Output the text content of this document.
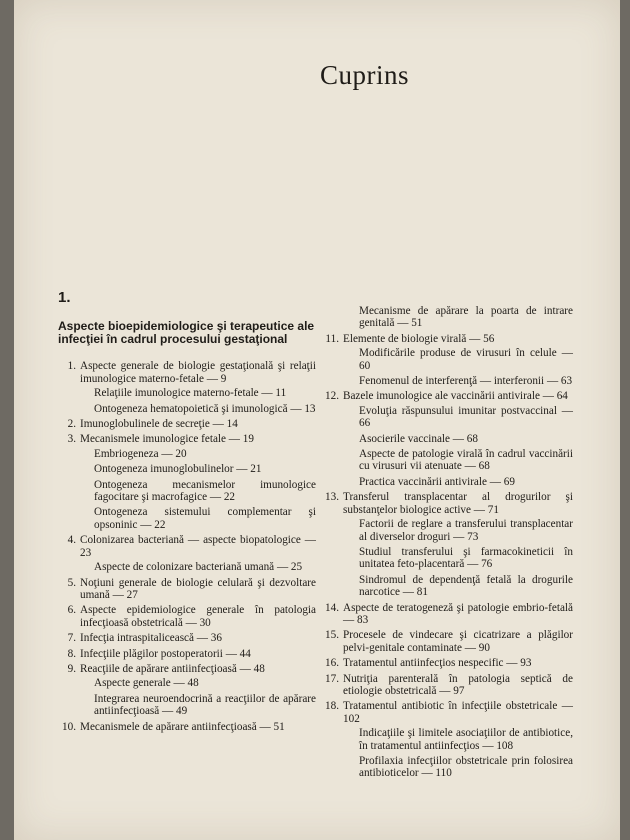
Cuprins
1.
Aspecte bioepidemiologice şi terapeutice ale infecţiei în cadrul procesului gestaţional
1. Aspecte generale de biologie gestaţională şi relaţii imunologice materno-fetale — 9
Relaţiile imunologice materno-fetale — 11
Ontogeneza hematopoietică şi imunologică — 13
2. Imunoglobulinele de secreţie — 14
3. Mecanismele imunologice fetale — 19
Embriogeneza — 20
Ontogeneza imunoglobulinelor — 21
Ontogeneza mecanismelor imunologice fagocitare şi macrofagice — 22
Ontogeneza sistemului complementar şi opsoninic — 22
4. Colonizarea bacteriană — aspecte biopatologice — 23
Aspecte de colonizare bacteriană umană — 25
5. Noţiuni generale de biologie celulară şi dezvoltare umană — 27
6. Aspecte epidemiologice generale în patologia infecţioasă obstetricală — 30
7. Infecţia intraspitalicească — 36
8. Infecţiile plăgilor postoperatorii — 44
9. Reacţiile de apărare antiinfecţioasă — 48
Aspecte generale — 48
Integrarea neuroendocrină a reacţiilor de apărare antiinfecţioasă — 49
10. Mecanismele de apărare antiinfecţioasă — 51
Mecanisme de apărare la poarta de intrare genitală — 51
11. Elemente de biologie virală — 56
Modificările produse de virusuri în celule — 60
Fenomenul de interferenţă — interferonii — 63
12. Bazele imunologice ale vaccinării antivirale — 64
Evoluţia răspunsului imunitar postvaccinal — 66
Asocierile vaccinale — 68
Aspecte de patologie virală în cadrul vaccinării cu virusuri vii atenuate — 68
Practica vaccinării antivirale — 69
13. Transferul transplacentar al drogurilor şi substanţelor biologice active — 71
Factorii de reglare a transferului transplacentar al diverselor droguri — 73
Studiul transferului şi farmacokineticii în unitatea feto-placentară — 76
Sindromul de dependenţă fetală la drogurile narcotice — 81
14. Aspecte de teratogeneză şi patologie embrio-fetală — 83
15. Procesele de vindecare şi cicatrizare a plăgilor pelvi-genitale contaminate — 90
16. Tratamentul antiinfecţios nespecific — 93
17. Nutriţia parenterală în patologia septică de etiologie obstetricală — 97
18. Tratamentul antibiotic în infecţiile obstetricale — 102
Indicaţiile şi limitele asociaţiilor de antibiotice, în tratamentul antiinfecţios — 108
Profilaxia infecţiilor obstetricale prin folosirea antibioticelor — 110
